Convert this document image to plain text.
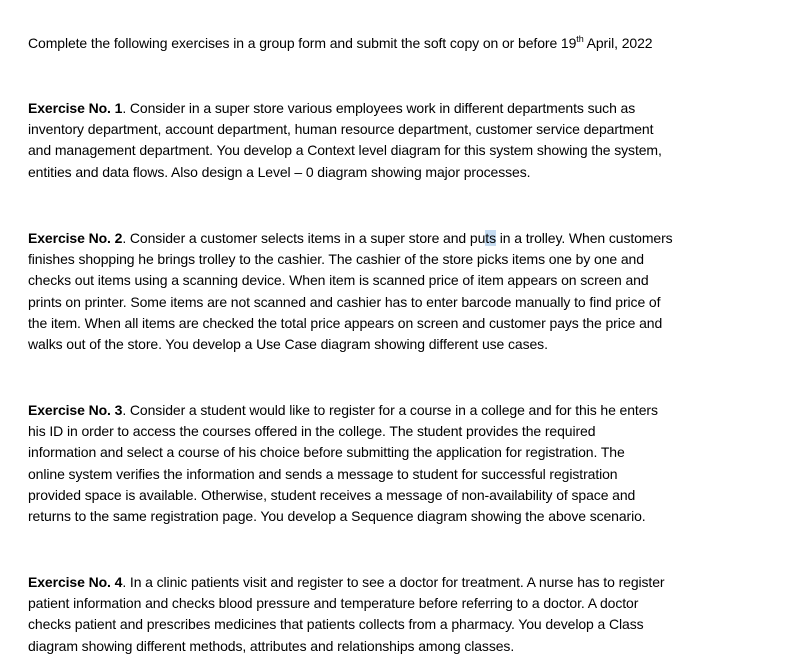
Complete the following exercises in a group form and submit the soft copy on or before 19th April, 2022

Exercise No. 1. Consider in a super store various employees work in different departments such as
inventory department, account department, human resource department, customer service department
and management department. You develop a Context level diagram for this system showing the system,
entities and data flows. Also design a Level – 0 diagram showing major processes.

Exercise No. 2. Consider a customer selects items in a super store and puts in a trolley. When customers
finishes shopping he brings trolley to the cashier. The cashier of the store picks items one by one and
checks out items using a scanning device. When item is scanned price of item appears on screen and
prints on printer. Some items are not scanned and cashier has to enter barcode manually to find price of
the item. When all items are checked the total price appears on screen and customer pays the price and
walks out of the store. You develop a Use Case diagram showing different use cases.

Exercise No. 3. Consider a student would like to register for a course in a college and for this he enters
his ID in order to access the courses offered in the college. The student provides the required
information and select a course of his choice before submitting the application for registration. The
online system verifies the information and sends a message to student for successful registration
provided space is available. Otherwise, student receives a message of non-availability of space and
returns to the same registration page. You develop a Sequence diagram showing the above scenario.

Exercise No. 4. In a clinic patients visit and register to see a doctor for treatment. A nurse has to register
patient information and checks blood pressure and temperature before referring to a doctor. A doctor
checks patient and prescribes medicines that patients collects from a pharmacy. You develop a Class
diagram showing different methods, attributes and relationships among classes.
